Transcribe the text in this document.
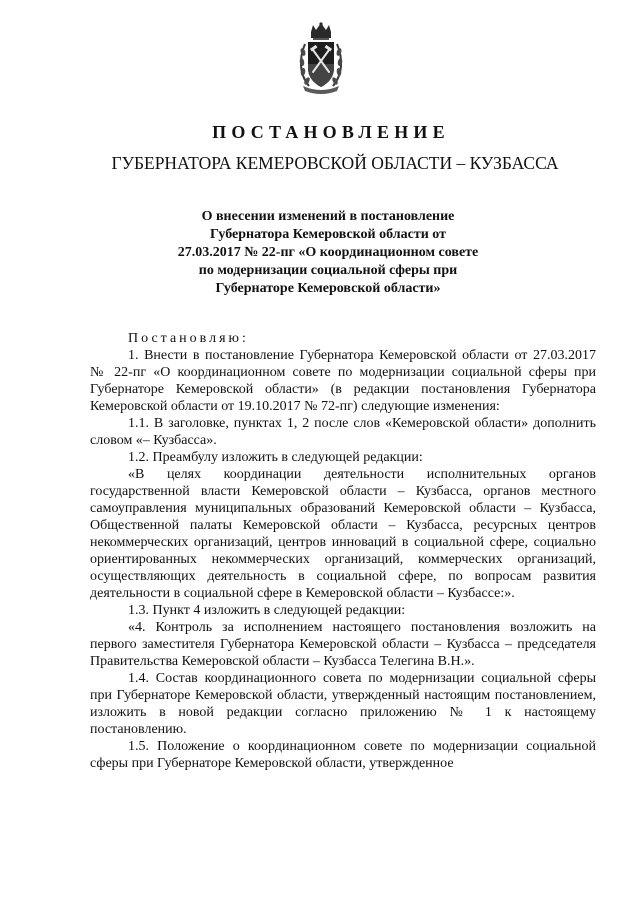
ПОСТАНОВЛЕНИЕ
ГУБЕРНАТОРА КЕМЕРОВСКОЙ ОБЛАСТИ – КУЗБАССА
О внесении изменений в постановление
Губернатора Кемеровской области от
27.03.2017 № 22-пг «О координационном совете
по модернизации социальной сферы при
Губернаторе Кемеровской области»

Постановляю:

1. Внести в постановление Губернатора Кемеровской области от 27.03.2017 № 22-пг «О координационном совете по модернизации социальной сферы при Губернаторе Кемеровской области» (в редакции постановления Губернатора Кемеровской области от 19.10.2017 № 72-пг) следующие изменения:

1.1. В заголовке, пунктах 1, 2 после слов «Кемеровской области» дополнить словом «– Кузбасса».

1.2. Преамбулу изложить в следующей редакции:

«В целях координации деятельности исполнительных органов государственной власти Кемеровской области – Кузбасса, органов местного самоуправления муниципальных образований Кемеровской области – Кузбасса, Общественной палаты Кемеровской области – Кузбасса, ресурсных центров некоммерческих организаций, центров инноваций в социальной сфере, социально ориентированных некоммерческих организаций, коммерческих организаций, осуществляющих деятельность в социальной сфере, по вопросам развития деятельности в социальной сфере в Кемеровской области – Кузбассе:».

1.3. Пункт 4 изложить в следующей редакции:

«4. Контроль за исполнением настоящего постановления возложить на первого заместителя Губернатора Кемеровской области – Кузбасса – председателя Правительства Кемеровской области – Кузбасса Телегина В.Н.».

1.4. Состав координационного совета по модернизации социальной сферы при Губернаторе Кемеровской области, утвержденный настоящим постановлением, изложить в новой редакции согласно приложению № 1 к настоящему постановлению.

1.5. Положение о координационном совете по модернизации социальной сферы при Губернаторе Кемеровской области, утвержденное
